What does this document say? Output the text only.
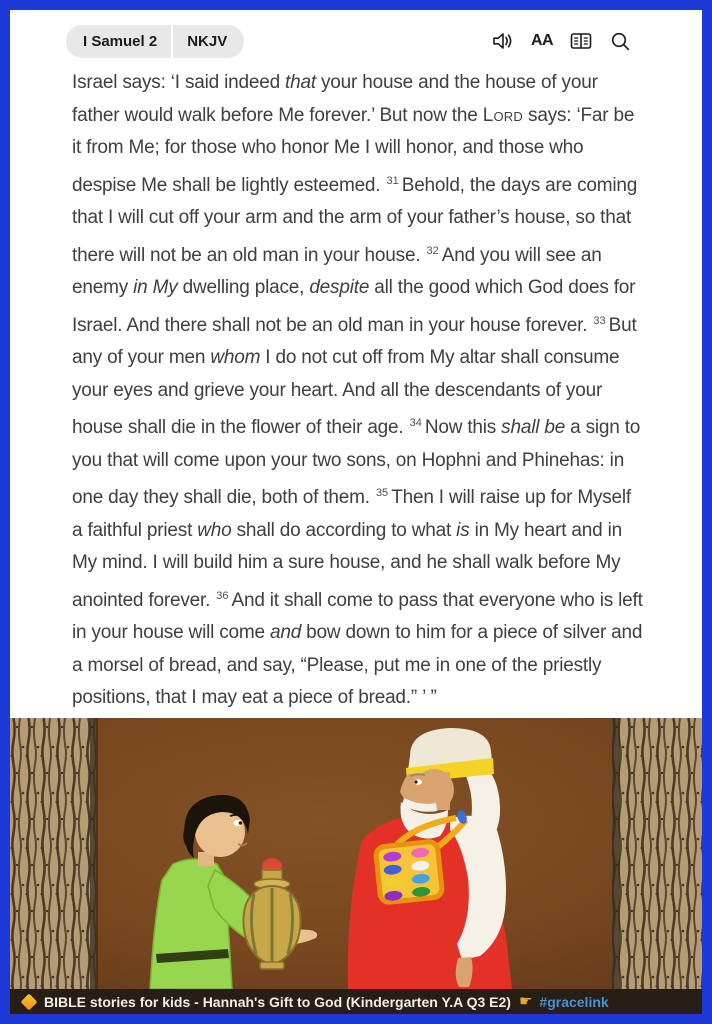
I Samuel 2	NKJV	AA

Israel says: ‘I said indeed that your house and the house of your father would walk before Me forever.’ But now the Lord says: ‘Far be it from Me; for those who honor Me I will honor, and those who despise Me shall be lightly esteemed. $^{31}$ Behold, the days are coming that I will cut off your arm and the arm of your father’s house, so that there will not be an old man in your house. $^{32}$ And you will see an enemy in My dwelling place, despite all the good which God does for Israel. And there shall not be an old man in your house forever. $^{33}$ But any of your men whom I do not cut off from My altar shall consume your eyes and grieve your heart. And all the descendants of your house shall die in the flower of their age. $^{34}$ Now this shall be a sign to you that will come upon your two sons, on Hophni and Phinehas: in one day they shall die, both of them. $^{35}$ Then I will raise up for Myself a faithful priest who shall do according to what is in My heart and in My mind. I will build him a sure house, and he shall walk before My anointed forever. $^{36}$ And it shall come to pass that everyone who is left in your house will come and bow down to him for a piece of silver and a morsel of bread, and say, “Please, put me in one of the priestly positions, that I may eat a piece of bread.” ’ ”

BIBLE stories for kids - Hannah's Gift to God (Kindergarten Y.A Q3 E2) ☛ #gracelink
